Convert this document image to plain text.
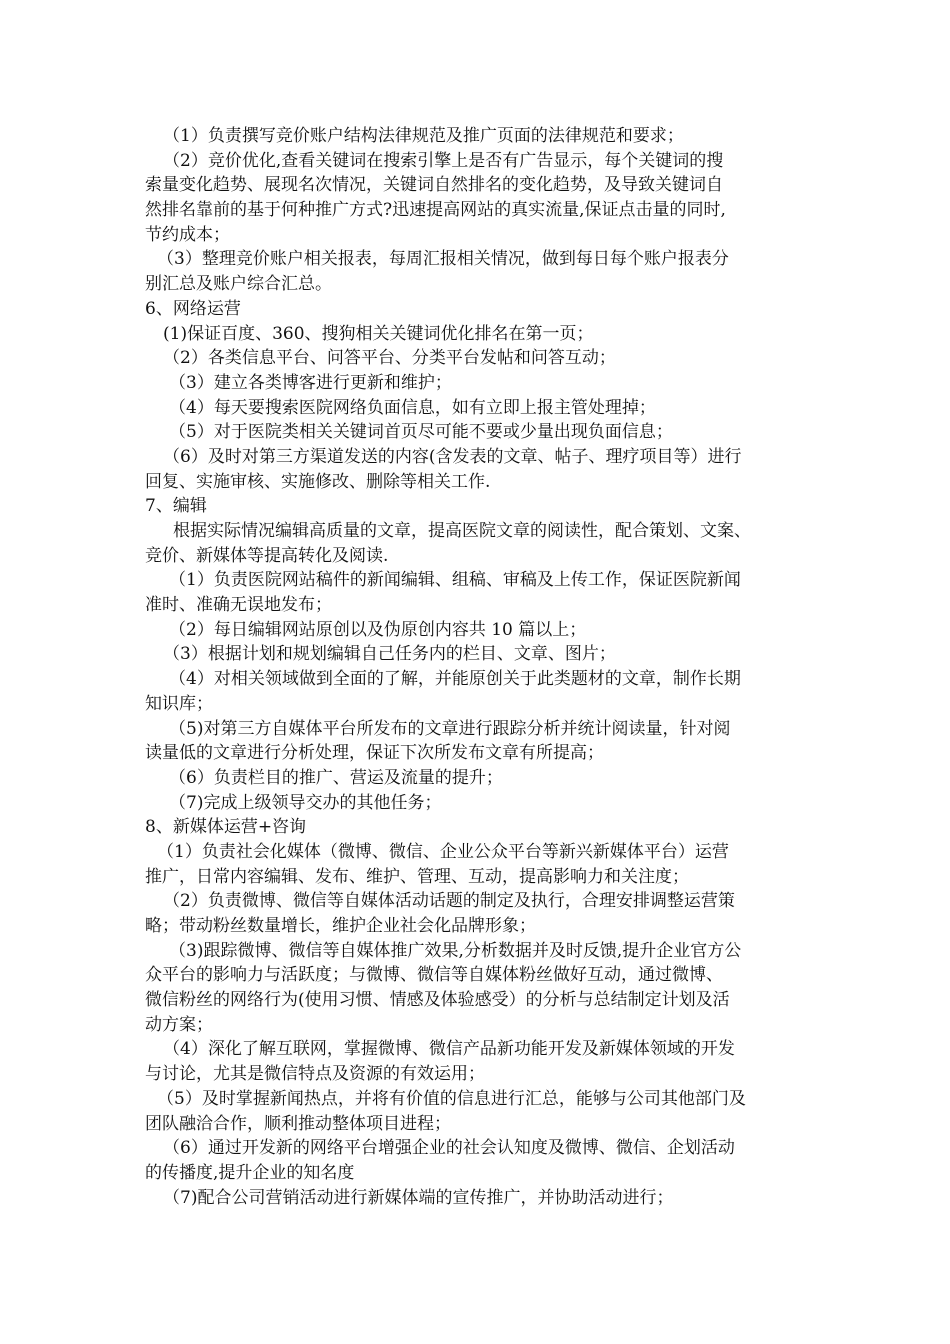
（1）负责撰写竞价账户结构法律规范及推广页面的法律规范和要求；
（2）竞价优化,查看关键词在搜索引擎上是否有广告显示，每个关键词的搜
索量变化趋势、展现名次情况，关键词自然排名的变化趋势，及导致关键词自
然排名靠前的基于何种推广方式?迅速提高网站的真实流量,保证点击量的同时,
节约成本；
（3）整理竞价账户相关报表，每周汇报相关情况，做到每日每个账户报表分
别汇总及账户综合汇总。
6、网络运营
(1)保证百度、360、搜狗相关关键词优化排名在第一页；
（2）各类信息平台、问答平台、分类平台发帖和问答互动；
（3）建立各类博客进行更新和维护；
（4）每天要搜索医院网络负面信息，如有立即上报主管处理掉；
（5）对于医院类相关关键词首页尽可能不要或少量出现负面信息；
（6）及时对第三方渠道发送的内容(含发表的文章、帖子、理疗项目等）进行
回复、实施审核、实施修改、删除等相关工作.
7、编辑
根据实际情况编辑高质量的文章，提高医院文章的阅读性，配合策划、文案、
竞价、新媒体等提高转化及阅读.
（1）负责医院网站稿件的新闻编辑、组稿、审稿及上传工作，保证医院新闻
准时、准确无误地发布；
（2）每日编辑网站原创以及伪原创内容共 10 篇以上；
（3）根据计划和规划编辑自己任务内的栏目、文章、图片；
（4）对相关领域做到全面的了解，并能原创关于此类题材的文章，制作长期
知识库；
（5)对第三方自媒体平台所发布的文章进行跟踪分析并统计阅读量，针对阅
读量低的文章进行分析处理，保证下次所发布文章有所提高；
（6）负责栏目的推广、营运及流量的提升；
（7)完成上级领导交办的其他任务；
8、新媒体运营+咨询
（1）负责社会化媒体（微博、微信、企业公众平台等新兴新媒体平台）运营
推广，日常内容编辑、发布、维护、管理、互动，提高影响力和关注度；
（2）负责微博、微信等自媒体活动话题的制定及执行，合理安排调整运营策
略；带动粉丝数量增长，维护企业社会化品牌形象；
（3)跟踪微博、微信等自媒体推广效果,分析数据并及时反馈,提升企业官方公
众平台的影响力与活跃度；与微博、微信等自媒体粉丝做好互动，通过微博、
微信粉丝的网络行为(使用习惯、情感及体验感受）的分析与总结制定计划及活
动方案；
（4）深化了解互联网，掌握微博、微信产品新功能开发及新媒体领域的开发
与讨论，尤其是微信特点及资源的有效运用；
（5）及时掌握新闻热点，并将有价值的信息进行汇总，能够与公司其他部门及
团队融洽合作，顺利推动整体项目进程；
（6）通过开发新的网络平台增强企业的社会认知度及微博、微信、企划活动
的传播度,提升企业的知名度
（7)配合公司营销活动进行新媒体端的宣传推广，并协助活动进行；
